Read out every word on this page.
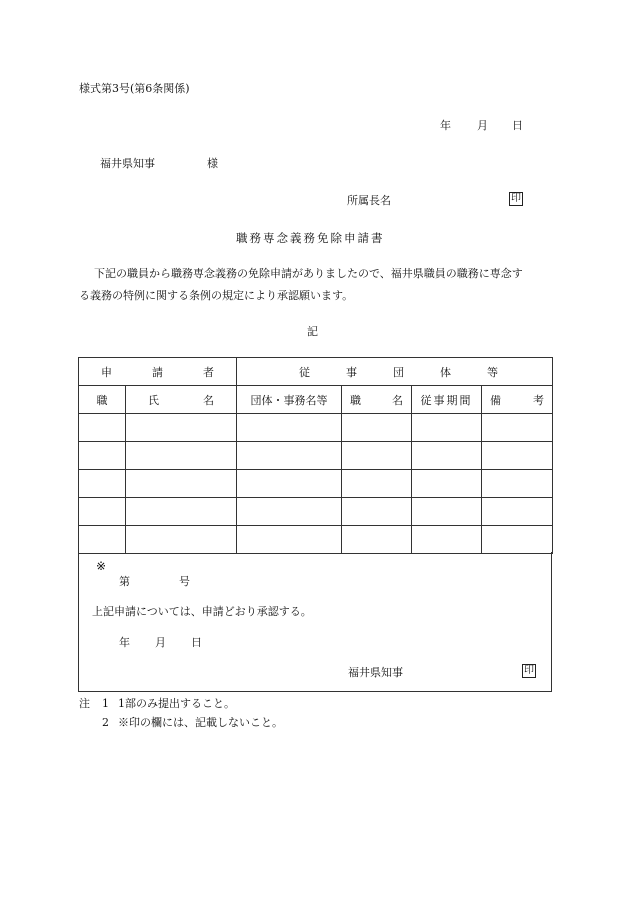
様式第3号(第6条関係)
年 月 日
福井県知事	様
所属長名	印
職務専念義務免除申請書
下記の職員から職務専念義務の免除申請がありましたので、福井県職員の職務に専念す
る義務の特例に関する条例の規定により承認願います。
記
申 請 者		従 事 団 体 等			

職	氏 名	団体・事務名等	職 名	従事期間	備 考

※
第	号
上記申請については、申請どおり承認する。
年 月 日
福井県知事	印
注 1 1部のみ提出すること。
2 ※印の欄には、記載しないこと。
